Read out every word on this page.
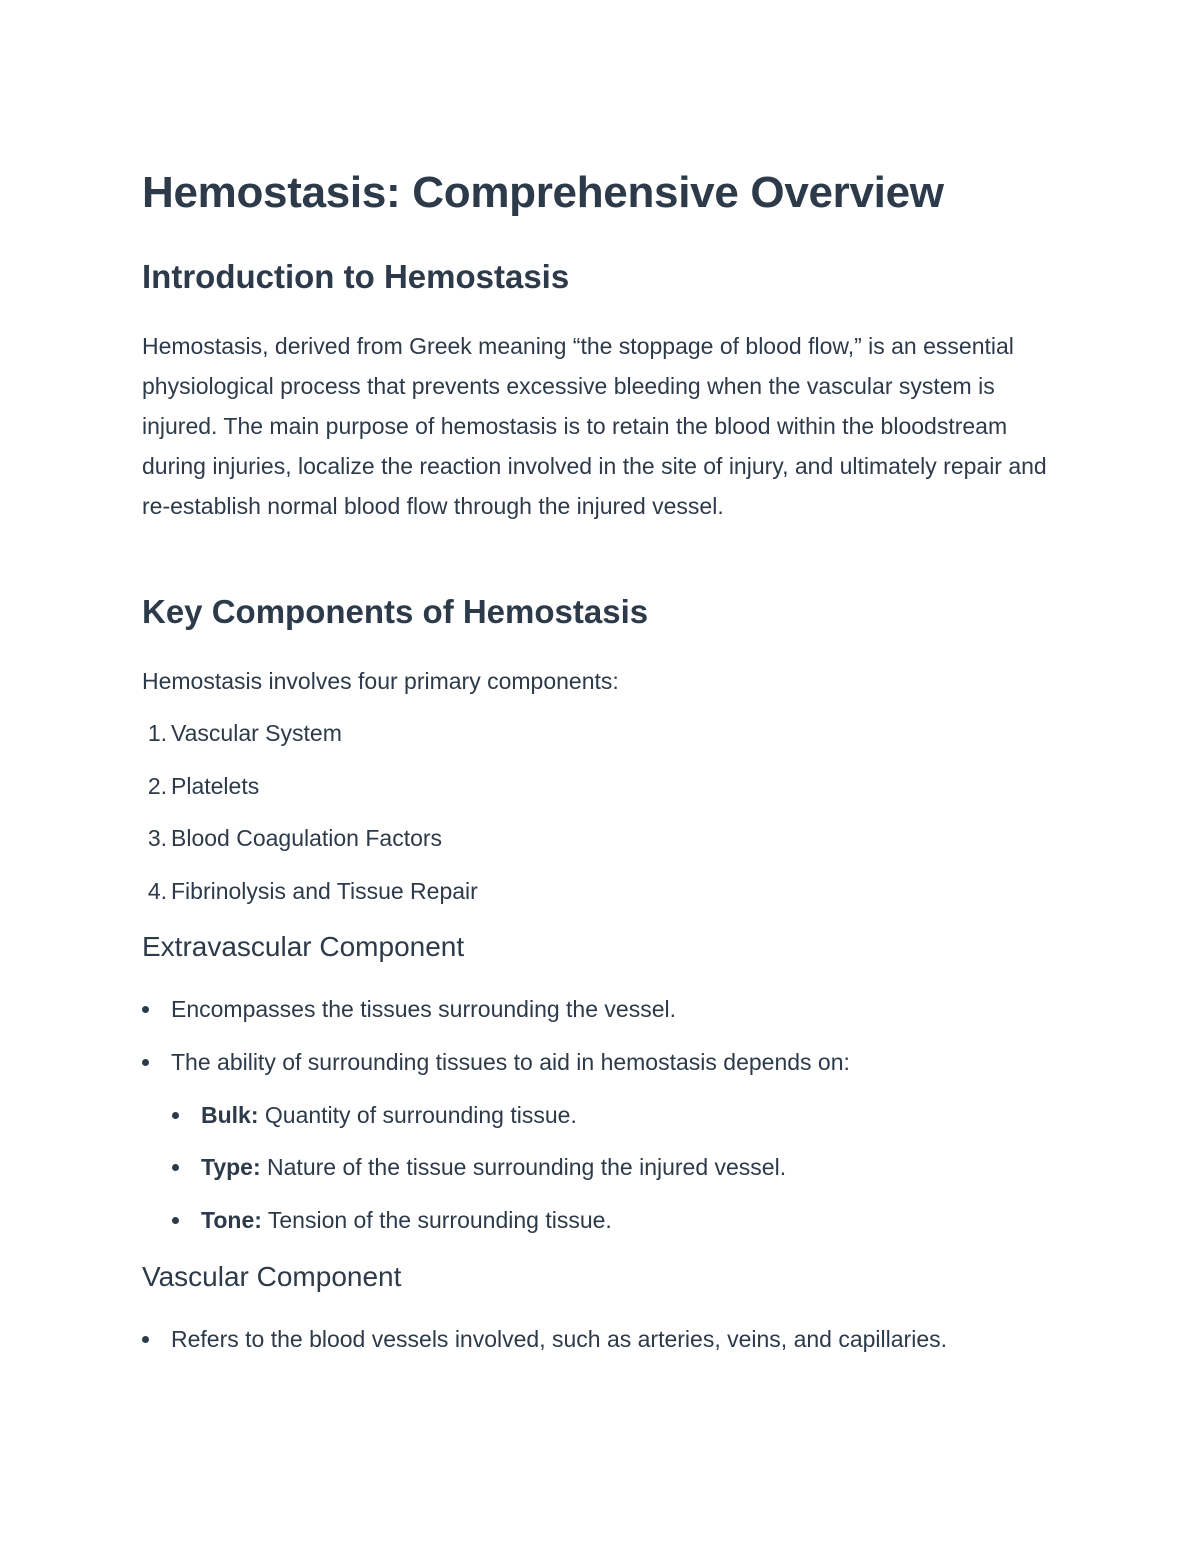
Hemostasis: Comprehensive Overview
Introduction to Hemostasis

Hemostasis, derived from Greek meaning “the stoppage of blood flow,” is an essential physiological process that prevents excessive bleeding when the vascular system is injured. The main purpose of hemostasis is to retain the blood within the bloodstream during injuries, localize the reaction involved in the site of injury, and ultimately repair and re-establish normal blood flow through the injured vessel.

Key Components of Hemostasis

Hemostasis involves four primary components:

1. Vascular System
2. Platelets
3. Blood Coagulation Factors
4. Fibrinolysis and Tissue Repair
Extravascular Component
Encompasses the tissues surrounding the vessel.
The ability of surrounding tissues to aid in hemostasis depends on:
Bulk: Quantity of surrounding tissue.
Type: Nature of the tissue surrounding the injured vessel.
Tone: Tension of the surrounding tissue.
Vascular Component
Refers to the blood vessels involved, such as arteries, veins, and capillaries.
